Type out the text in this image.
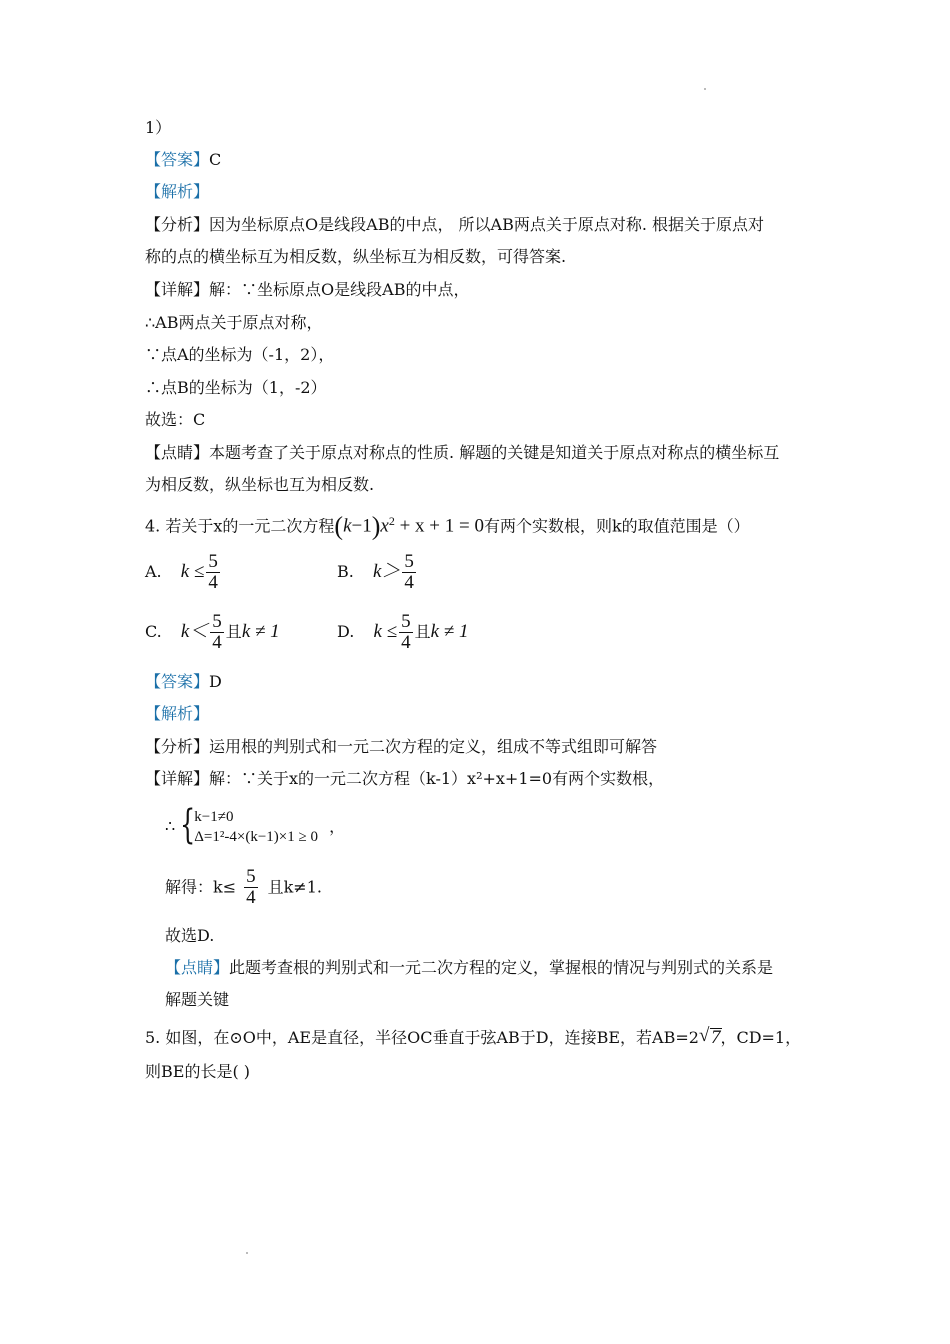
1）
【答案】C
【解析】
【分析】因为坐标原点O是线段AB的中点， 所以AB两点关于原点对称. 根据关于原点对
称的点的横坐标互为相反数，纵坐标互为相反数，可得答案.
【详解】解：∵坐标原点O是线段AB的中点，
∴AB两点关于原点对称，
∵点A的坐标为（-1，2），
∴点B的坐标为（1，-2）
故选：C
【点睛】本题考查了关于原点对称点的性质. 解题的关键是知道关于原点对称点的横坐标互
为相反数，纵坐标也互为相反数.
4. 若关于x的一元二次方程$(k-1)x^2 + x + 1 = 0$有两个实数根，则k的取值范围是（）
A. $k \le \frac{5}{4}$	B. $k> \frac{5}{4}$
C. $k< \frac{5}{4}$ 且k ≠ 1	D. $k \le \frac{5}{4}$ 且k ≠ 1
【答案】D
【解析】
【分析】运用根的判别式和一元二次方程的定义，组成不等式组即可解答
【详解】解：∵关于x的一元二次方程（k-1）x²+x+1=0有两个实数根，
∴ {
k−1≠0
Δ=1²-4×(k−1)×1 ≥ 0
，
解得：$k\le \frac{5}{4}$ 且k≠1.
故选D.
【点睛】此题考查根的判别式和一元二次方程的定义，掌握根的情况与判别式的关系是
解题关键
5. 如图，在⊙O中，AE是直径，半径OC垂直于弦AB于D，连接BE，若AB=2 √ 7，CD=1，
则BE的长是( )
